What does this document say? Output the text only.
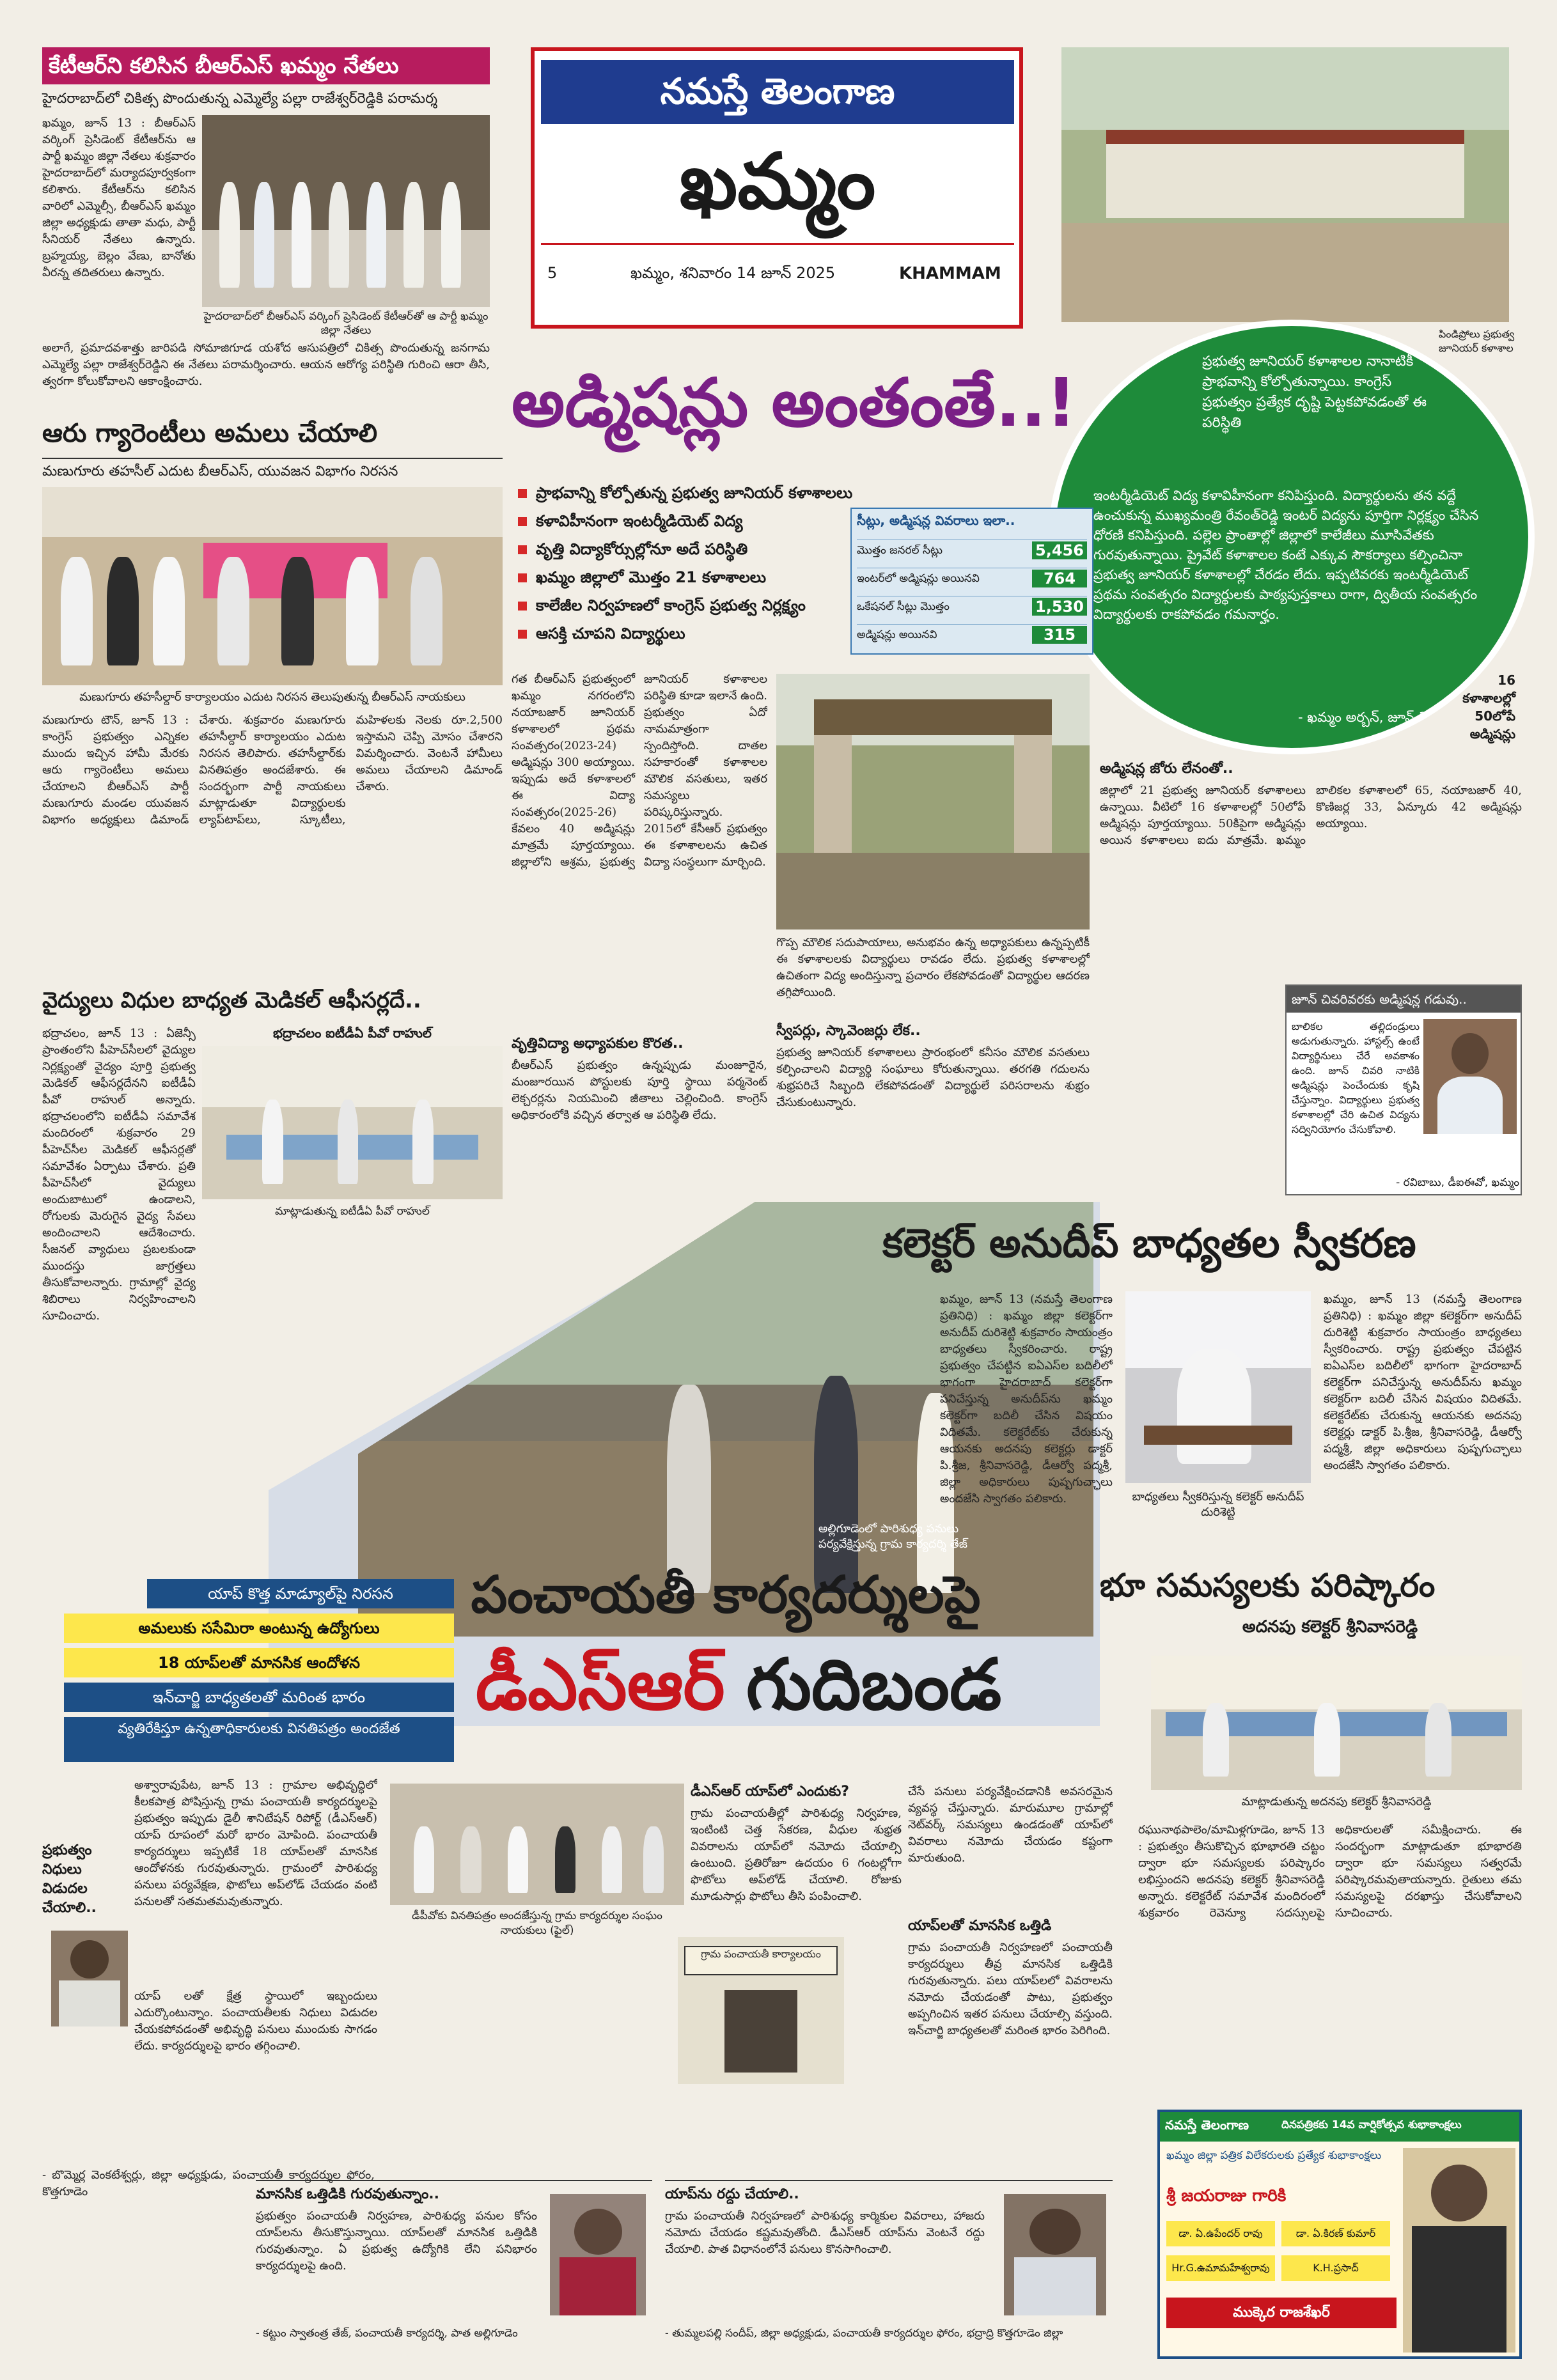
కేటీఆర్‌ని కలిసిన బీఆర్‌ఎస్ ఖమ్మం నేతలు
హైదరాబాద్‌లో చికిత్స పొందుతున్న ఎమ్మెల్యే పల్లా రాజేశ్వర్‌రెడ్డికి పరామర్శ
ఖమ్మం, జూన్ 13 : బీఆర్ఎస్ వర్కింగ్ ప్రెసిడెంట్ కేటీఆర్‌ను ఆ పార్టీ ఖమ్మం జిల్లా నేతలు శుక్రవారం హైదరాబాద్‌లో మర్యాదపూర్వకంగా కలిశారు. కేటీఆర్‌ను కలిసిన వారిలో ఎమ్మెల్సీ, బీఆర్‌ఎస్ ఖమ్మం జిల్లా అధ్యక్షుడు తాతా మధు, పార్టీ సీనియర్ నేతలు ఉన్నారు. బ్రహ్మయ్య, బెల్లం వేణు, బానోతు వీరన్న తదితరులు ఉన్నారు.
హైదరాబాద్‌లో బీఆర్‌ఎస్ వర్కింగ్ ప్రెసిడెంట్ కేటీఆర్‌తో ఆ పార్టీ ఖమ్మం జిల్లా నేతలు
అలాగే, ప్రమాదవశాత్తు జారిపడి సోమాజిగూడ యశోద ఆసుపత్రిలో చికిత్స పొందుతున్న జనగామ ఎమ్మెల్యే పల్లా రాజేశ్వర్‌రెడ్డిని ఈ నేతలు పరామర్శించారు. ఆయన ఆరోగ్య పరిస్థితి గురించి ఆరా తీసి, త్వరగా కోలుకోవాలని ఆకాంక్షించారు.
నమస్తే తెలంగాణ
ఖమ్మం
5	ఖమ్మం, శనివారం 14 జూన్ 2025	KHAMMAM
పిండిప్రోలు ప్రభుత్వ జూనియర్ కళాశాల
ప్రభుత్వ జూనియర్ కళాశాలల నానాటికీ ప్రాభవాన్ని కోల్పోతున్నాయి. కాంగ్రెస్ ప్రభుత్వం ప్రత్యేక దృష్టి పెట్టకపోవడంతో ఈ పరిస్థితి
ఇంటర్మీడియెట్ విద్య కళావిహీనంగా కనిపిస్తుంది. విద్యార్థులను తన వద్దే ఉంచుకున్న ముఖ్యమంత్రి రేవంత్‌రెడ్డి ఇంటర్ విద్యను పూర్తిగా నిర్లక్ష్యం చేసిన ధోరణి కనిపిస్తుంది. పల్లెల ప్రాంతాల్లో జిల్లాలో కాలేజీలు మూసివేతకు గురవుతున్నాయి. ప్రైవేట్ కళాశాలల కంటే ఎక్కువ సౌకర్యాలు కల్పించినా ప్రభుత్వ జూనియర్ కళాశాలల్లో చేరడం లేదు. ఇప్పటివరకు ఇంటర్మీడియెట్ ప్రథమ సంవత్సరం విద్యార్థులకు పాఠ్యపుస్తకాలు రాగా, ద్వితీయ సంవత్సరం విద్యార్థులకు రాకపోవడం గమనార్హం.
- ఖమ్మం అర్బన్, జూన్ 13
అడ్మిషన్లు అంతంతే..!
ఆరు గ్యారెంటీలు అమలు చేయాలి
మణుగూరు తహసీల్ ఎదుట బీఆర్‌ఎస్, యువజన విభాగం నిరసన
మణుగూరు తహసీల్దార్ కార్యాలయం ఎదుట నిరసన తెలుపుతున్న బీఆర్‌ఎస్ నాయకులు
మణుగూరు టౌన్, జూన్ 13 : కాంగ్రెస్ ప్రభుత్వం ఎన్నికల ముందు ఇచ్చిన హామీ మేరకు ఆరు గ్యారెంటీలు అమలు చేయాలని బీఆర్‌ఎస్ పార్టీ మణుగూరు మండల యువజన విభాగం అధ్యక్షులు డిమాండ్ చేశారు. శుక్రవారం మణుగూరు తహసీల్దార్ కార్యాలయం ఎదుట నిరసన తెలిపారు. తహసీల్దార్‌కు వినతిపత్రం అందజేశారు. ఈ సందర్భంగా పార్టీ నాయకులు మాట్లాడుతూ విద్యార్థులకు ల్యాప్‌టాప్‌లు, స్కూటీలు, మహిళలకు నెలకు రూ.2,500 ఇస్తామని చెప్పి మోసం చేశారని విమర్శించారు. వెంటనే హామీలు అమలు చేయాలని డిమాండ్ చేశారు.
ప్రాభవాన్ని కోల్పోతున్న ప్రభుత్వ జూనియర్ కళాశాలలు
కళావిహీనంగా ఇంటర్మీడియెట్ విద్య
వృత్తి విద్యాకోర్సుల్లోనూ అదే పరిస్థితి
ఖమ్మం జిల్లాలో మొత్తం 21 కళాశాలలు
కాలేజీల నిర్వహణలో కాంగ్రెస్ ప్రభుత్వ నిర్లక్ష్యం
ఆసక్తి చూపని విద్యార్థులు
సీట్లు, అడ్మిషన్ల వివరాలు ఇలా..
మొత్తం జనరల్ సీట్లు	5,456
ఇంటర్‌లో అడ్మిషన్లు అయినవి	764
ఒకేషనల్ సీట్లు మొత్తం	1,530
అడ్మిషన్లు అయినవి	315
16 కళాశాలల్లో 50లోపే అడ్మిషన్లు
గత బీఆర్‌ఎస్ ప్రభుత్వంలో ఖమ్మం నగరంలోని నయాబజార్ జూనియర్ కళాశాలలో ప్రథమ సంవత్సరం(2023-24) అడ్మిషన్లు 300 అయ్యాయి. ఇప్పుడు అదే కళాశాలలో ఈ విద్యా సంవత్సరం(2025-26) కేవలం 40 అడ్మిషన్లు మాత్రమే పూర్తయ్యాయి. జిల్లాలోని ఆశ్రమ, ప్రభుత్వ జూనియర్ కళాశాలల పరిస్థితి కూడా ఇలానే ఉంది. ప్రభుత్వం ఏదో నామమాత్రంగా స్పందిస్తోంది. దాతల సహకారంతో కళాశాలల మౌలిక వసతులు, ఇతర సమస్యలు పరిష్కరిస్తున్నారు. 2015లో కేసీఆర్ ప్రభుత్వం ఈ కళాశాలలను ఉచిత విద్యా సంస్థలుగా మార్చింది.
గొప్ప మౌలిక సదుపాయాలు, అనుభవం ఉన్న అధ్యాపకులు ఉన్నప్పటికీ ఈ కళాశాలలకు విద్యార్థులు రావడం లేదు. ప్రభుత్వ కళాశాలల్లో ఉచితంగా విద్య అందిస్తున్నా ప్రచారం లేకపోవడంతో విద్యార్థుల ఆదరణ తగ్గిపోయింది.
వృత్తివిద్యా అధ్యాపకుల కొరత..
బీఆర్‌ఎస్ ప్రభుత్వం ఉన్నప్పుడు మంజూరైన, మంజూరయిన పోస్టులకు పూర్తి స్థాయి పర్మనెంట్ లెక్చరర్లను నియమించి జీతాలు చెల్లించింది. కాంగ్రెస్ అధికారంలోకి వచ్చిన తర్వాత ఆ పరిస్థితి లేదు.
స్వీపర్లు, స్కావెంజర్లు లేక..
ప్రభుత్వ జూనియర్ కళాశాలలు ప్రారంభంలో కనీసం మౌలిక వసతులు కల్పించాలని విద్యార్థి సంఘాలు కోరుతున్నాయి. తరగతి గదులను శుభ్రపరిచే సిబ్బంది లేకపోవడంతో విద్యార్థులే పరిసరాలను శుభ్రం చేసుకుంటున్నారు.
అడ్మిషన్ల జోరు లేనంతో..
జిల్లాలో 21 ప్రభుత్వ జూనియర్ కళాశాలలు ఉన్నాయి. వీటిలో 16 కళాశాలల్లో 50లోపే అడ్మిషన్లు పూర్తయ్యాయి. 50కిపైగా అడ్మిషన్లు అయిన కళాశాలలు ఐదు మాత్రమే. ఖమ్మం బాలికల కళాశాలలో 65, నయాబజార్ 40, కొణిజర్ల 33, ఏన్కూరు 42 అడ్మిషన్లు అయ్యాయి.
జూన్ చివరివరకు అడ్మిషన్ల గడువు..
బాలికల తల్లిదండ్రులు అడుగుతున్నారు. హాస్టల్స్ ఉంటే విద్యార్థినులు చేరే అవకాశం ఉంది. జూన్ చివరి నాటికి అడ్మిషన్లు పెంచేందుకు కృషి చేస్తున్నాం. విద్యార్థులు ప్రభుత్వ కళాశాలల్లో చేరి ఉచిత విద్యను సద్వినియోగం చేసుకోవాలి.
- రవిబాబు, డీఐఈవో, ఖమ్మం
వైద్యులు విధుల బాధ్యత మెడికల్ ఆఫీసర్లదే..
భద్రాచలం ఐటీడీఏ పీవో రాహుల్
మాట్లాడుతున్న ఐటీడీఏ పీవో రాహుల్
భద్రాచలం, జూన్ 13 : ఏజెన్సీ ప్రాంతంలోని పీహెచ్‌సీలలో వైద్యుల నిర్లక్ష్యంతో వైద్యం పూర్తి ప్రభుత్వ మెడికల్ ఆఫీసర్లదేనని ఐటీడీఏ పీవో రాహుల్ అన్నారు. భద్రాచలంలోని ఐటీడీఏ సమావేశ మందిరంలో శుక్రవారం 29 పీహెచ్‌సీల మెడికల్ ఆఫీసర్లతో సమావేశం ఏర్పాటు చేశారు. ప్రతి పీహెచ్‌సీలో వైద్యులు అందుబాటులో ఉండాలని, రోగులకు మెరుగైన వైద్య సేవలు అందించాలని ఆదేశించారు. సీజనల్ వ్యాధులు ప్రబలకుండా ముందస్తు జాగ్రత్తలు తీసుకోవాలన్నారు. గ్రామాల్లో వైద్య శిబిరాలు నిర్వహించాలని సూచించారు.
అల్లిగూడెంలో పారిశుధ్య పనులు పర్యవేక్షిస్తున్న గ్రామ కార్యదర్శి తేజ్
కలెక్టర్ అనుదీప్ బాధ్యతల స్వీకరణ
ఖమ్మం, జూన్ 13 (నమస్తే తెలంగాణ ప్రతినిధి) : ఖమ్మం జిల్లా కలెక్టర్‌గా అనుదీప్ దురిశెట్టి శుక్రవారం సాయంత్రం బాధ్యతలు స్వీకరించారు. రాష్ట్ర ప్రభుత్వం చేపట్టిన ఐఏఎస్‌ల బదిలీలో భాగంగా హైదరాబాద్ కలెక్టర్‌గా పనిచేస్తున్న అనుదీప్‌ను ఖమ్మం కలెక్టర్‌గా బదిలీ చేసిన విషయం విదితమే. కలెక్టరేట్‌కు చేరుకున్న ఆయనకు అదనపు కలెక్టర్లు డాక్టర్ పి.శ్రీజ, శ్రీనివాసరెడ్డి, డీఆర్వో పద్మశ్రీ, జిల్లా అధికారులు పుష్పగుచ్ఛాలు అందజేసి స్వాగతం పలికారు.	బాధ్యతలు స్వీకరిస్తున్న కలెక్టర్ అనుదీప్ దురిశెట్టి
ఖమ్మం, జూన్ 13 (నమస్తే తెలంగాణ ప్రతినిధి) : ఖమ్మం జిల్లా కలెక్టర్‌గా అనుదీప్ దురిశెట్టి శుక్రవారం సాయంత్రం బాధ్యతలు స్వీకరించారు. రాష్ట్ర ప్రభుత్వం చేపట్టిన ఐఏఎస్‌ల బదిలీలో భాగంగా హైదరాబాద్ కలెక్టర్‌గా పనిచేస్తున్న అనుదీప్‌ను ఖమ్మం కలెక్టర్‌గా బదిలీ చేసిన విషయం విదితమే. కలెక్టరేట్‌కు చేరుకున్న ఆయనకు అదనపు కలెక్టర్లు డాక్టర్ పి.శ్రీజ, శ్రీనివాసరెడ్డి, డీఆర్వో పద్మశ్రీ, జిల్లా అధికారులు పుష్పగుచ్ఛాలు అందజేసి స్వాగతం పలికారు.
యాప్ కొత్త మాడ్యూల్‌పై నిరసన
అమలుకు ససేమిరా అంటున్న ఉద్యోగులు
18 యాప్‌లతో మానసిక ఆందోళన
ఇన్‌చార్జి బాధ్యతలతో మరింత భారం
వ్యతిరేకిస్తూ ఉన్నతాధికారులకు వినతిపత్రం అందజేత
పంచాయతీ కార్యదర్శులపై
డీఎస్ఆర్ గుదిబండ
భూ సమస్యలకు పరిష్కారం
అదనపు కలెక్టర్ శ్రీనివాసరెడ్డి
అశ్వారావుపేట, జూన్ 13 : గ్రామాల అభివృద్ధిలో కీలకపాత్ర పోషిస్తున్న గ్రామ పంచాయతీ కార్యదర్శులపై ప్రభుత్వం ఇప్పుడు డైలీ శానిటేషన్ రిపోర్ట్ (డీఎస్ఆర్) యాప్ రూపంలో మరో భారం మోపింది. పంచాయతీ కార్యదర్శులు ఇప్పటికే 18 యాప్‌లతో మానసిక ఆందోళనకు గురవుతున్నారు. గ్రామంలో పారిశుధ్య పనులు పర్యవేక్షణ, ఫొటోలు అప్‌లోడ్ చేయడం వంటి పనులతో సతమతమవుతున్నారు.
ప్రభుత్వం నిధులు విడుదల చేయాలి..
యాప్ లతో క్షేత్ర స్థాయిలో ఇబ్బందులు ఎదుర్కొంటున్నాం. పంచాయతీలకు నిధులు విడుదల చేయకపోవడంతో అభివృద్ధి పనులు ముందుకు సాగడం లేదు. కార్యదర్శులపై భారం తగ్గించాలి.
- బొమ్మెర్ల వెంకటేశ్వర్లు, జిల్లా అధ్యక్షుడు, పంచాయతీ కార్యదర్శుల ఫోరం, కొత్తగూడెం
డీపీవోకు వినతిపత్రం అందజేస్తున్న గ్రామ కార్యదర్శుల సంఘం నాయకులు (ఫైల్)
డీఎస్ఆర్ యాప్‌లో ఎందుకు?
గ్రామ పంచాయతీల్లో పారిశుధ్య నిర్వహణ, ఇంటింటి చెత్త సేకరణ, వీధుల శుభ్రత వివరాలను యాప్‌లో నమోదు చేయాల్సి ఉంటుంది. ప్రతిరోజూ ఉదయం 6 గంటల్లోగా ఫొటోలు అప్‌లోడ్ చేయాలి. రోజుకు మూడుసార్లు ఫొటోలు తీసి పంపించాలి.
గ్రామ పంచాయతీ కార్యాలయం
చేసే పనులు పర్యవేక్షించడానికి అవసరమైన వ్యవస్థ చేస్తున్నారు. మారుమూల గ్రామాల్లో నెట్‌వర్క్ సమస్యలు ఉండడంతో యాప్‌లో వివరాలు నమోదు చేయడం కష్టంగా మారుతుంది.
యాప్‌లతో మానసిక ఒత్తిడి
గ్రామ పంచాయతీ నిర్వహణలో పంచాయతీ కార్యదర్శులు తీవ్ర మానసిక ఒత్తిడికి గురవుతున్నారు. పలు యాప్‌లలో వివరాలను నమోదు చేయడంతో పాటు, ప్రభుత్వం అప్పగించిన ఇతర పనులు చేయాల్సి వస్తుంది. ఇన్‌చార్జి బాధ్యతలతో మరింత భారం పెరిగింది.
మానసిక ఒత్తిడికి గురవుతున్నాం..
ప్రభుత్వం పంచాయతీ నిర్వహణ, పారిశుధ్య పనుల కోసం యాప్‌లను తీసుకొస్తున్నాయి. యాప్‌లతో మానసిక ఒత్తిడికి గురవుతున్నాం. ఏ ప్రభుత్వ ఉద్యోగికి లేని పనిభారం కార్యదర్శులపై ఉంది.
- కట్టుం స్వాతంత్ర తేజ్, పంచాయతీ కార్యదర్శి, పాత అల్లిగూడెం
యాప్‌ను రద్దు చేయాలి..
గ్రామ పంచాయతీ నిర్వహణలో పారిశుధ్య కార్మికుల వివరాలు, హాజరు నమోదు చేయడం కష్టమవుతోంది. డీఎస్ఆర్ యాప్‌ను వెంటనే రద్దు చేయాలి. పాత విధానంలోనే పనులు కొనసాగించాలి.
- తుమ్మలపల్లి సందీప్, జిల్లా అధ్యక్షుడు, పంచాయతీ కార్యదర్శుల ఫోరం, భద్రాద్రి కొత్తగూడెం జిల్లా
మాట్లాడుతున్న అదనపు కలెక్టర్ శ్రీనివాసరెడ్డి
రఘునాథపాలెం/మామిళ్లగూడెం, జూన్ 13 : ప్రభుత్వం తీసుకొచ్చిన భూభారతి చట్టం ద్వారా భూ సమస్యలకు పరిష్కారం లభిస్తుందని అదనపు కలెక్టర్ శ్రీనివాసరెడ్డి అన్నారు. కలెక్టరేట్ సమావేశ మందిరంలో శుక్రవారం రెవెన్యూ సదస్సులపై అధికారులతో సమీక్షించారు. ఈ సందర్భంగా మాట్లాడుతూ భూభారతి ద్వారా భూ సమస్యలు సత్వరమే పరిష్కారమవుతాయన్నారు. రైతులు తమ సమస్యలపై దరఖాస్తు చేసుకోవాలని సూచించారు.
నమస్తే తెలంగాణ	దినపత్రికకు 14వ వార్షికోత్సవ శుభాకాంక్షలు
ఖమ్మం జిల్లా పత్రిక విలేకరులకు ప్రత్యేక శుభాకాంక్షలు
శ్రీ జయరాజు గారికి
డా. ఏ.ఉపేందర్ రావు	డా. ఏ.కిరణ్ కుమార్
Hr.G.ఉమామహేశ్వరావు	K.H.ప్రసాద్
ముక్కెర రాజశేఖర్
